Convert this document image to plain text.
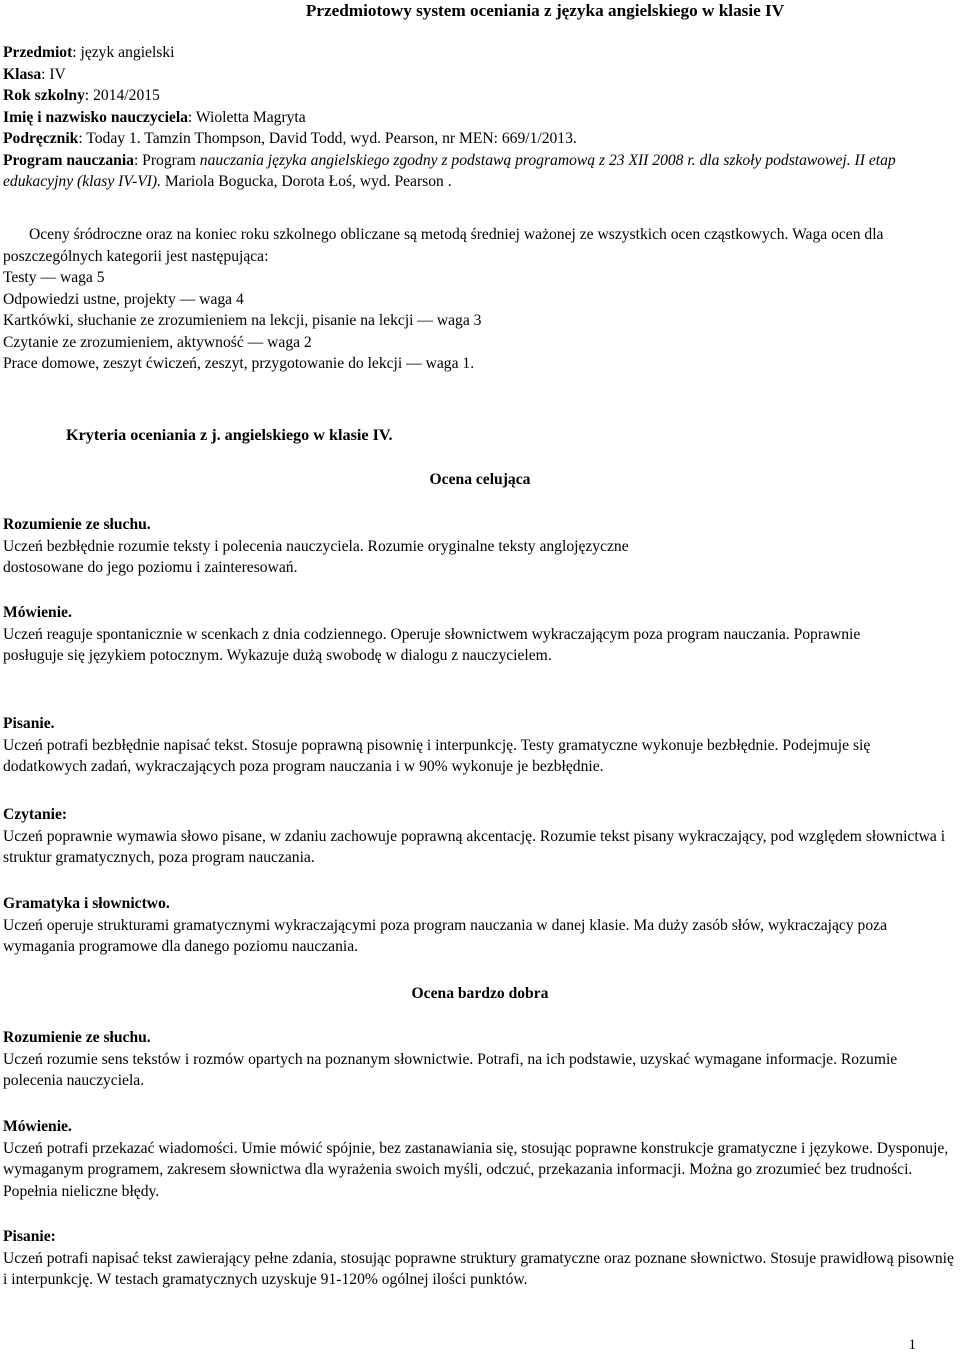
Przedmiotowy system oceniania z języka angielskiego w klasie IV
Przedmiot: język angielski
Klasa: IV
Rok szkolny: 2014/2015
Imię i nazwisko nauczyciela: Wioletta Magryta
Podręcznik: Today 1. Tamzin Thompson, David Todd, wyd. Pearson, nr MEN: 669/1/2013.

Program nauczania: Program nauczania języka angielskiego zgodny z podstawą programową z 23 XII 2008 r. dla szkoły podstawowej. II etap edukacyjny (klasy IV-VI). Mariola Bogucka, Dorota Łoś, wyd. Pearson .

Oceny śródroczne oraz na koniec roku szkolnego obliczane są metodą średniej ważonej ze wszystkich ocen cząstkowych. Waga ocen dla poszczególnych kategorii jest następująca:

Testy — waga 5
Odpowiedzi ustne, projekty — waga 4
Kartkówki, słuchanie ze zrozumieniem na lekcji, pisanie na lekcji — waga 3
Czytanie ze zrozumieniem, aktywność — waga 2
Prace domowe, zeszyt ćwiczeń, zeszyt, przygotowanie do lekcji — waga 1.
Kryteria oceniania z j. angielskiego w klasie IV.
Ocena celująca
Rozumienie ze słuchu.

Uczeń bezbłędnie rozumie teksty i polecenia nauczyciela. Rozumie oryginalne teksty anglojęzyczne dostosowane do jego poziomu i zainteresowań.

Mówienie.

Uczeń reaguje spontanicznie w scenkach z dnia codziennego. Operuje słownictwem wykraczającym poza program nauczania. Poprawnie posługuje się językiem potocznym. Wykazuje dużą swobodę w dialogu z nauczycielem.

Pisanie.

Uczeń potrafi bezbłędnie napisać tekst. Stosuje poprawną pisownię i interpunkcję. Testy gramatyczne wykonuje bezbłędnie. Podejmuje się dodatkowych zadań, wykraczających poza program nauczania i w 90% wykonuje je bezbłędnie.

Czytanie:

Uczeń poprawnie wymawia słowo pisane, w zdaniu zachowuje poprawną akcentację. Rozumie tekst pisany wykraczający, pod względem słownictwa i struktur gramatycznych, poza program nauczania.

Gramatyka i słownictwo.

Uczeń operuje strukturami gramatycznymi wykraczającymi poza program nauczania w danej klasie. Ma duży zasób słów, wykraczający poza wymagania programowe dla danego poziomu nauczania.

Ocena bardzo dobra
Rozumienie ze słuchu.

Uczeń rozumie sens tekstów i rozmów opartych na poznanym słownictwie. Potrafi, na ich podstawie, uzyskać wymagane informacje. Rozumie polecenia nauczyciela.

Mówienie.

Uczeń potrafi przekazać wiadomości. Umie mówić spójnie, bez zastanawiania się, stosując poprawne konstrukcje gramatyczne i językowe. Dysponuje, wymaganym programem, zakresem słownictwa dla wyrażenia swoich myśli, odczuć, przekazania informacji. Można go zrozumieć bez trudności. Popełnia nieliczne błędy.

Pisanie:

Uczeń potrafi napisać tekst zawierający pełne zdania, stosując poprawne struktury gramatyczne oraz poznane słownictwo. Stosuje prawidłową pisownię i interpunkcję. W testach gramatycznych uzyskuje 91-120% ogólnej ilości punktów.

1
